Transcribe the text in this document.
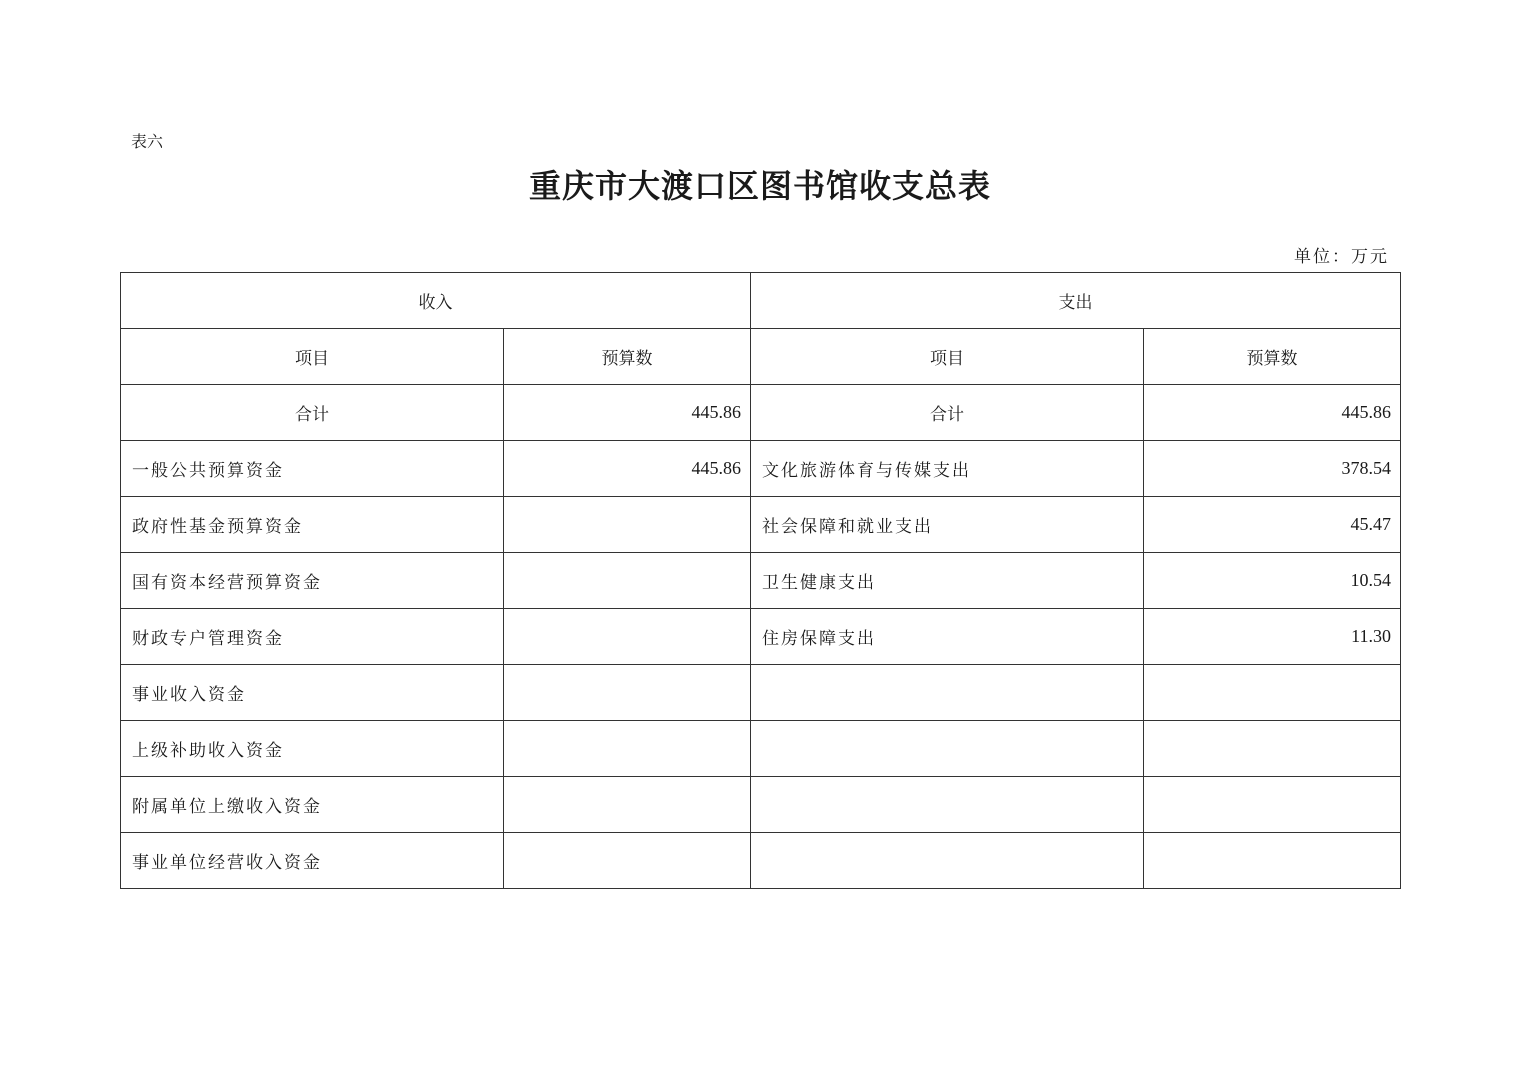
表六
重庆市大渡口区图书馆收支总表
单位：万元
收入		支出	
项目	预算数	项目	预算数
合计	445.86	合计	445.86
一般公共预算资金	445.86	文化旅游体育与传媒支出	378.54
政府性基金预算资金		社会保障和就业支出	45.47
国有资本经营预算资金		卫生健康支出	10.54
财政专户管理资金		住房保障支出	11.30
事业收入资金			
上级补助收入资金			
附属单位上缴收入资金			
事业单位经营收入资金			
